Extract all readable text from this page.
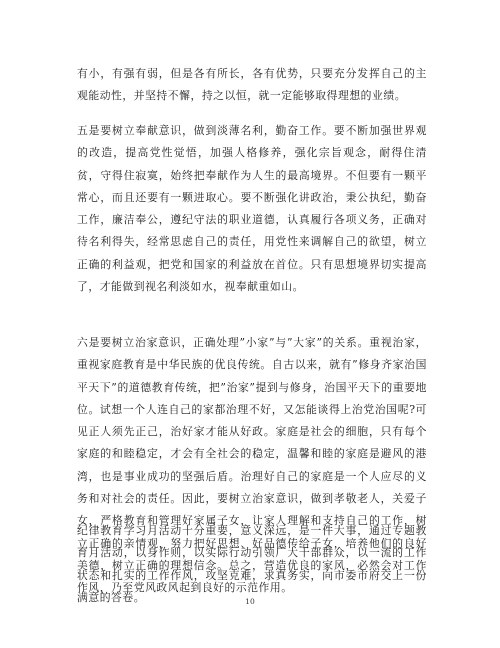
有小，有强有弱，但是各有所长，各有优势，只要充分发挥自己的主观能动性，并坚持不懈，持之以恒，就一定能够取得理想的业绩。

五是要树立奉献意识，做到淡薄名利，勤奋工作。要不断加强世界观的改造，提高党性觉悟，加强人格修养，强化宗旨观念，耐得住清贫，守得住寂寞，始终把奉献作为人生的最高境界。不但要有一颗平常心，而且还要有一颗进取心。要不断强化讲政治，秉公执纪，勤奋工作，廉洁奉公，遵纪守法的职业道德，认真履行各项义务，正确对待名利得失，经常思虑自己的责任，用党性来调解自己的欲望，树立正确的利益观，把党和国家的利益放在首位。只有思想境界切实提高了，才能做到视名利淡如水，视奉献重如山。

六是要树立治家意识，正确处理”小家”与”大家”的关系。重视治家，重视家庭教育是中华民族的优良传统。自古以来，就有”修身齐家治国平天下”的道德教育传统，把”治家”提到与修身，治国平天下的重要地位。试想一个人连自己的家都治理不好，又怎能谈得上治党治国呢?可见正人须先正己，治好家才能从好政。家庭是社会的细胞，只有每个家庭的和睦稳定，才会有全社会的稳定，温馨和睦的家庭是避风的港湾，也是事业成功的坚强后盾。治理好自己的家庭是一个人应尽的义务和对社会的责任。因此，要树立治家意识，做到孝敬老人，关爱子女，严格教育和管理好家属子女，让家人理解和支持自己的工作，树立正确的亲情观，努力把好思想、好品德传给子女，培养他们的良好美德，树立正确的理想信念。总之，营造优良的家风，必然会对工作作风，乃至党风政风起到良好的示范作用。

纪律教育学习月活动十分重要，意义深远，是一件大事，通过专题教育月活动，以身作则，以实际行动引领广大干部群众，以一流的工作状态和扎实的工作作风，攻坚克难，求真务实，向市委市府交上一份满意的答卷。	10
